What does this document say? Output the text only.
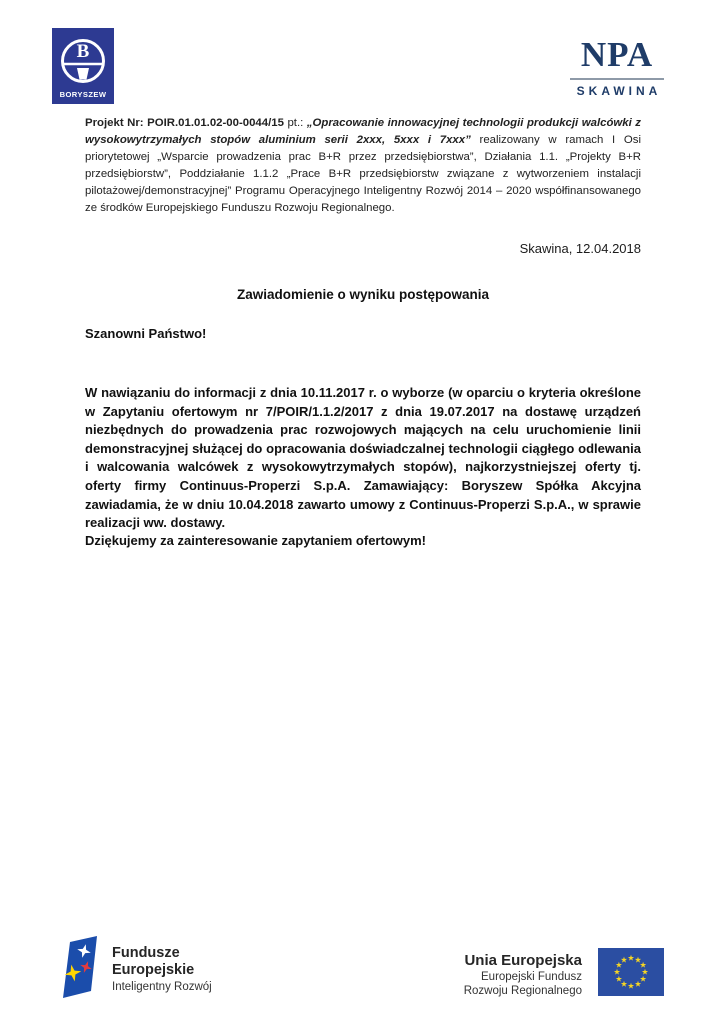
B
BORYSZEW
NPA
SKAWINA

Projekt Nr: POIR.01.01.02-00-0044/15 pt.: „Opracowanie innowacyjnej technologii produkcji walcówki z wysokowytrzymałych stopów aluminium serii 2xxx, 5xxx i 7xxx” realizowany w ramach I Osi priorytetowej „Wsparcie prowadzenia prac B+R przez przedsiębiorstwa”, Działania 1.1. „Projekty B+R przedsiębiorstw”, Poddziałanie 1.1.2 „Prace B+R przedsiębiorstw związane z wytworzeniem instalacji pilotażowej/demonstracyjnej” Programu Operacyjnego Inteligentny Rozwój 2014 – 2020 współfinansowanego ze środków Europejskiego Funduszu Rozwoju Regionalnego.

Skawina, 12.04.2018
Zawiadomienie o wyniku postępowania
Szanowni Państwo!

W nawiązaniu do informacji z dnia 10.11.2017 r. o wyborze (w oparciu o kryteria określone w Zapytaniu ofertowym nr 7/POIR/1.1.2/2017 z dnia 19.07.2017 na dostawę urządzeń niezbędnych do prowadzenia prac rozwojowych mających na celu uruchomienie linii demonstracyjnej służącej do opracowania doświadczalnej technologii ciągłego odlewania i walcowania walcówek z wysokowytrzymałych stopów), najkorzystniejszej oferty tj. oferty firmy Continuus-Properzi S.p.A. Zamawiający: Boryszew Spółka Akcyjna zawiadamia, że w dniu 10.04.2018 zawarto umowy z Continuus-Properzi S.p.A., w sprawie realizacji ww. dostawy.

Dziękujemy za zainteresowanie zapytaniem ofertowym!
Fundusze
Europejskie
Inteligentny Rozwój
Unia Europejska
Europejski Fundusz
Rozwoju Regionalnego
